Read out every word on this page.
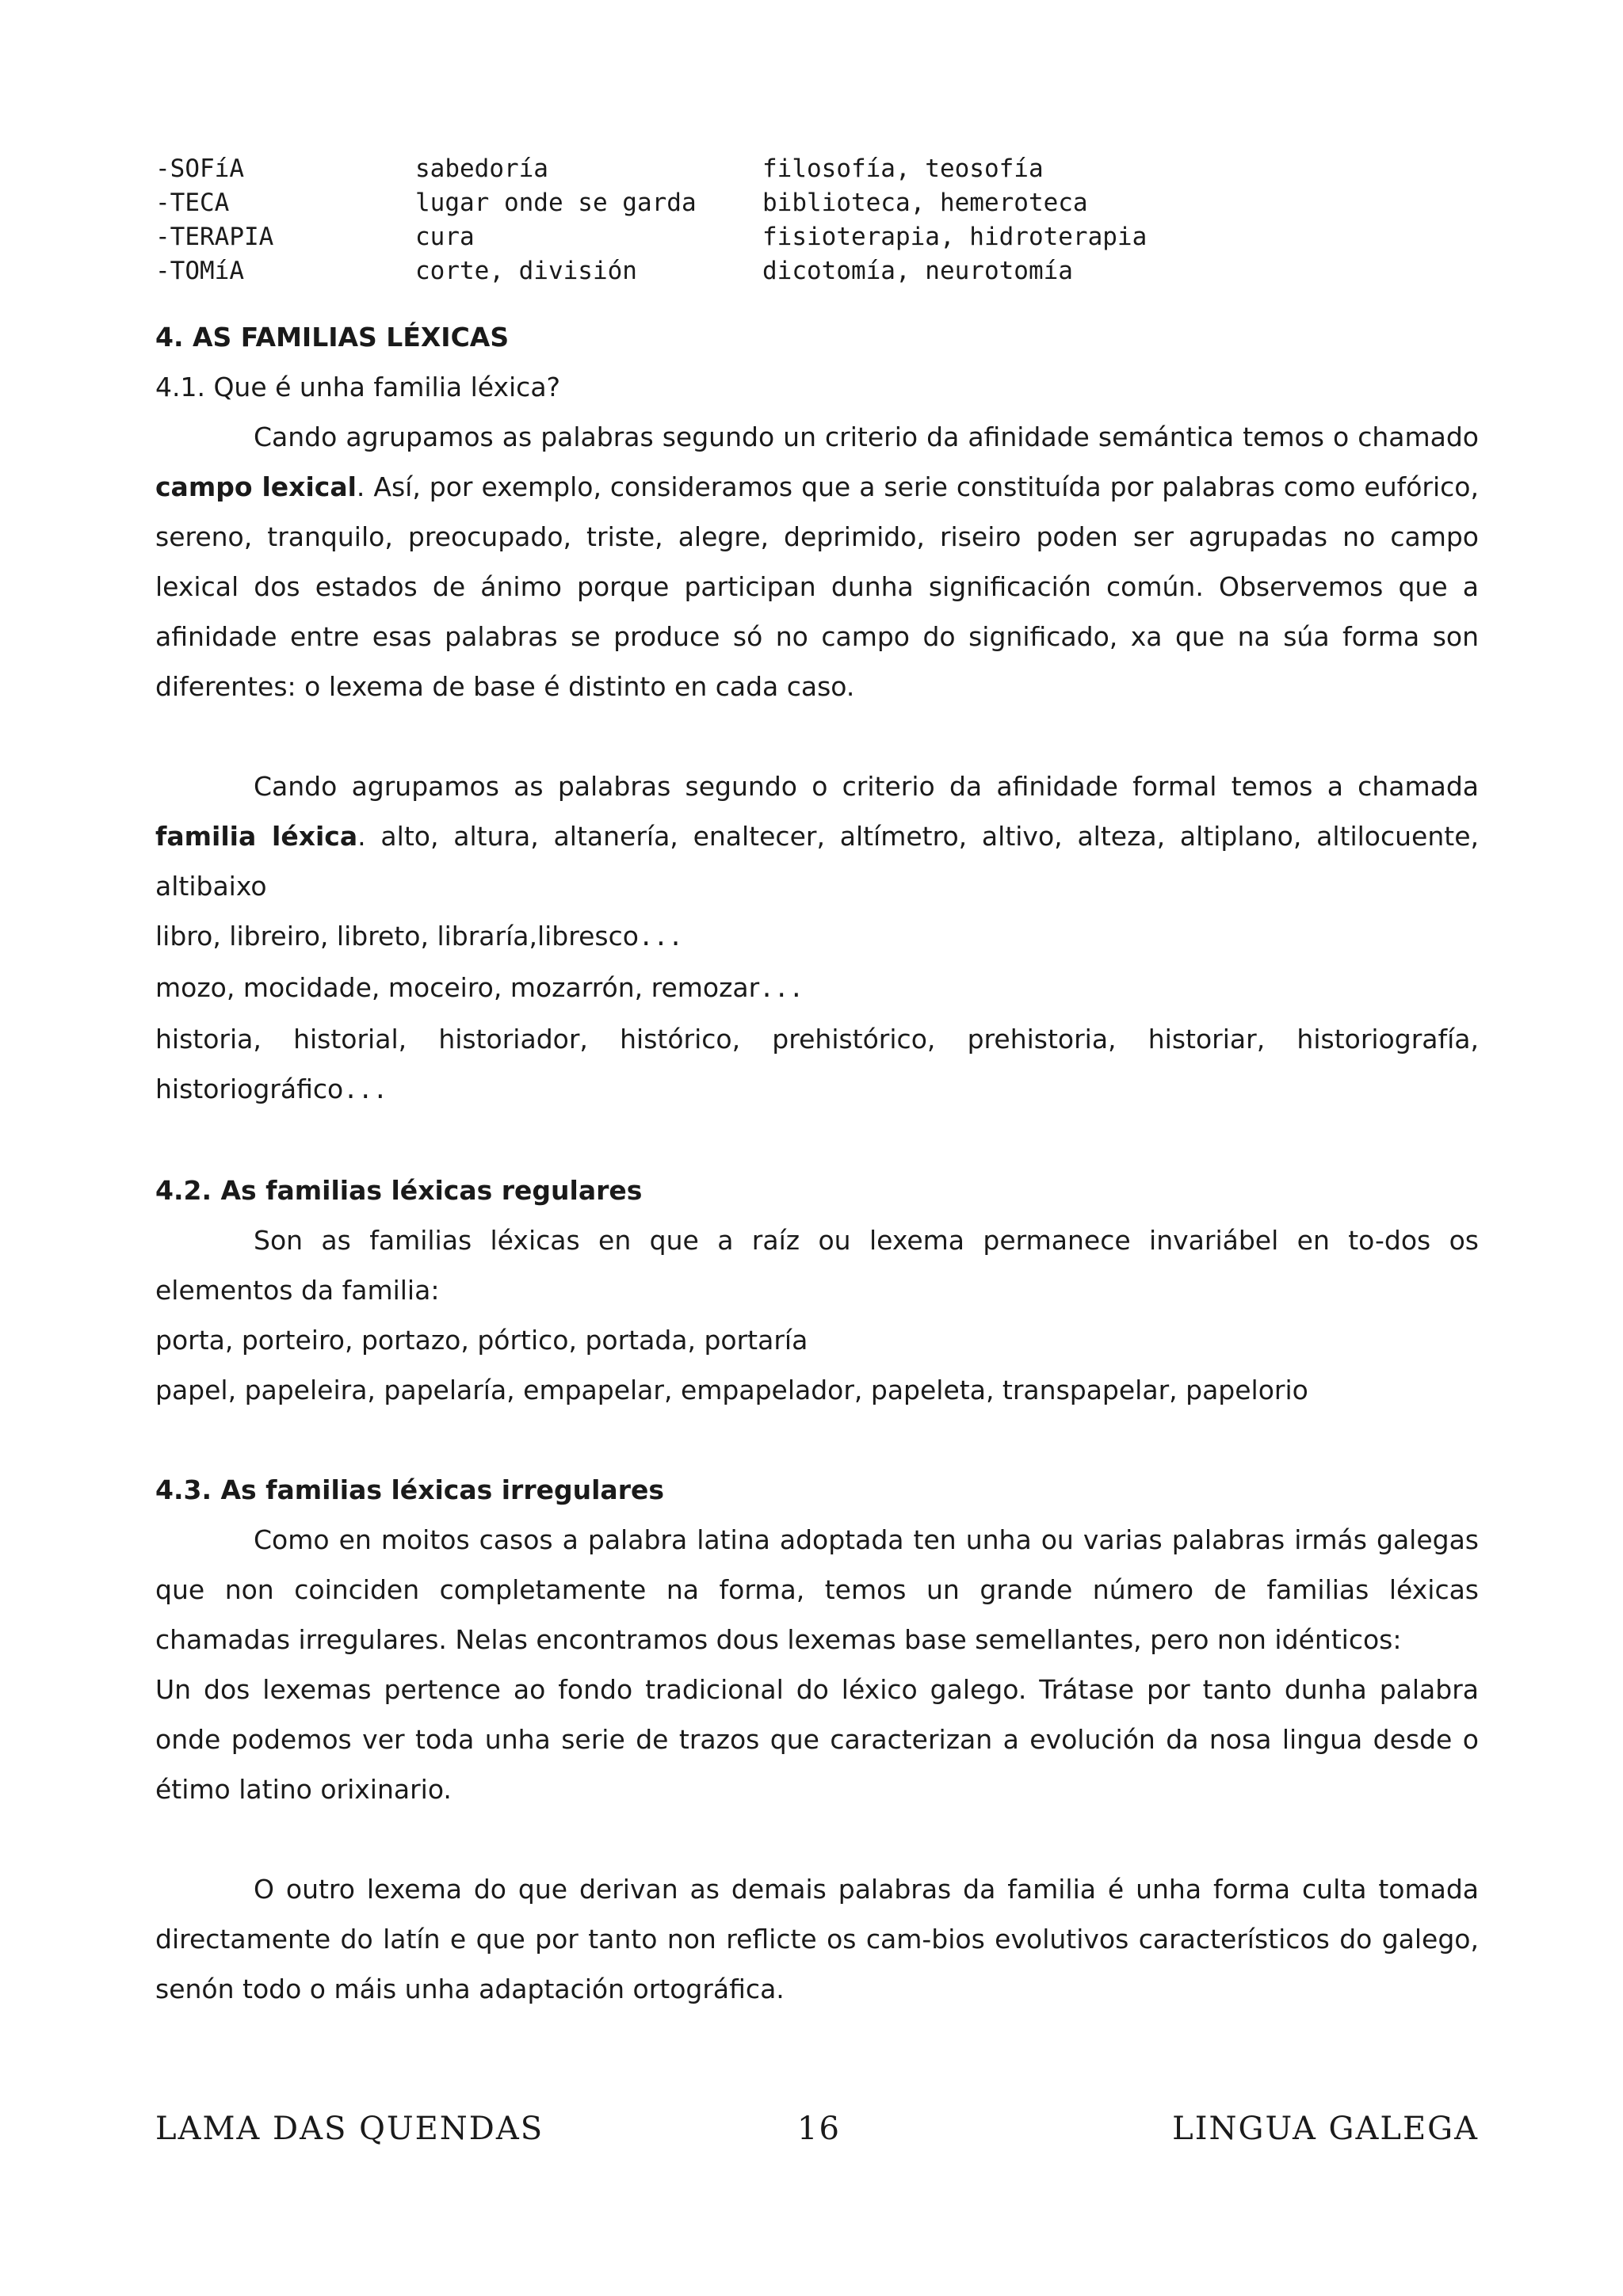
-SOFíA	sabedoría	filosofía, teosofía
-TECA	lugar onde se garda	biblioteca, hemeroteca
-TERAPIA	cura	fisioterapia, hidroterapia
-TOMíA	corte, división	dicotomía, neurotomía
4. AS FAMILIAS LÉXICAS
4.1. Que é unha familia léxica?

Cando agrupamos as palabras segundo un criterio da afinidade semántica temos o chamado campo lexical. Así, por exemplo, consideramos que a serie constituída por palabras como eufórico, sereno, tranquilo, preocupado, triste, alegre, deprimido, riseiro poden ser agrupadas no campo lexical dos estados de ánimo porque participan dunha significación común. Observemos que a afinidade entre esas palabras se produce só no campo do significado, xa que na súa forma son diferentes: o lexema de base é distinto en cada caso.

Cando agrupamos as palabras segundo o criterio da afinidade formal temos a chamada familia léxica. alto, altura, altanería, enaltecer, altímetro, altivo, alteza, altiplano, altilocuente, altibaixo

libro, libreiro, libreto, libraría,libresco...
mozo, mocidade, moceiro, mozarrón, remozar...

historia, historial, historiador, histórico, prehistórico, prehistoria, historiar, historiografía, historiográfico...

4.2. As familias léxicas regulares

Son as familias léxicas en que a raíz ou lexema permanece invariábel en to-dos os elementos da familia:

porta, porteiro, portazo, pórtico, portada, portaría
papel, papeleira, papelaría, empapelar, empapelador, papeleta, transpapelar, papelorio
4.3. As familias léxicas irregulares

Como en moitos casos a palabra latina adoptada ten unha ou varias palabras irmás galegas que non coinciden completamente na forma, temos un grande número de familias léxicas chamadas irregulares. Nelas encontramos dous lexemas base semellantes, pero non idénticos:

Un dos lexemas pertence ao fondo tradicional do léxico galego. Trátase por tanto dunha palabra onde podemos ver toda unha serie de trazos que caracterizan a evolución da nosa lingua desde o étimo latino orixinario.

O outro lexema do que derivan as demais palabras da familia é unha forma culta tomada directamente do latín e que por tanto non reflicte os cam-bios evolutivos característicos do galego, senón todo o máis unha adaptación ortográfica.

LAMA DAS QUENDAS	16	LINGUA GALEGA
